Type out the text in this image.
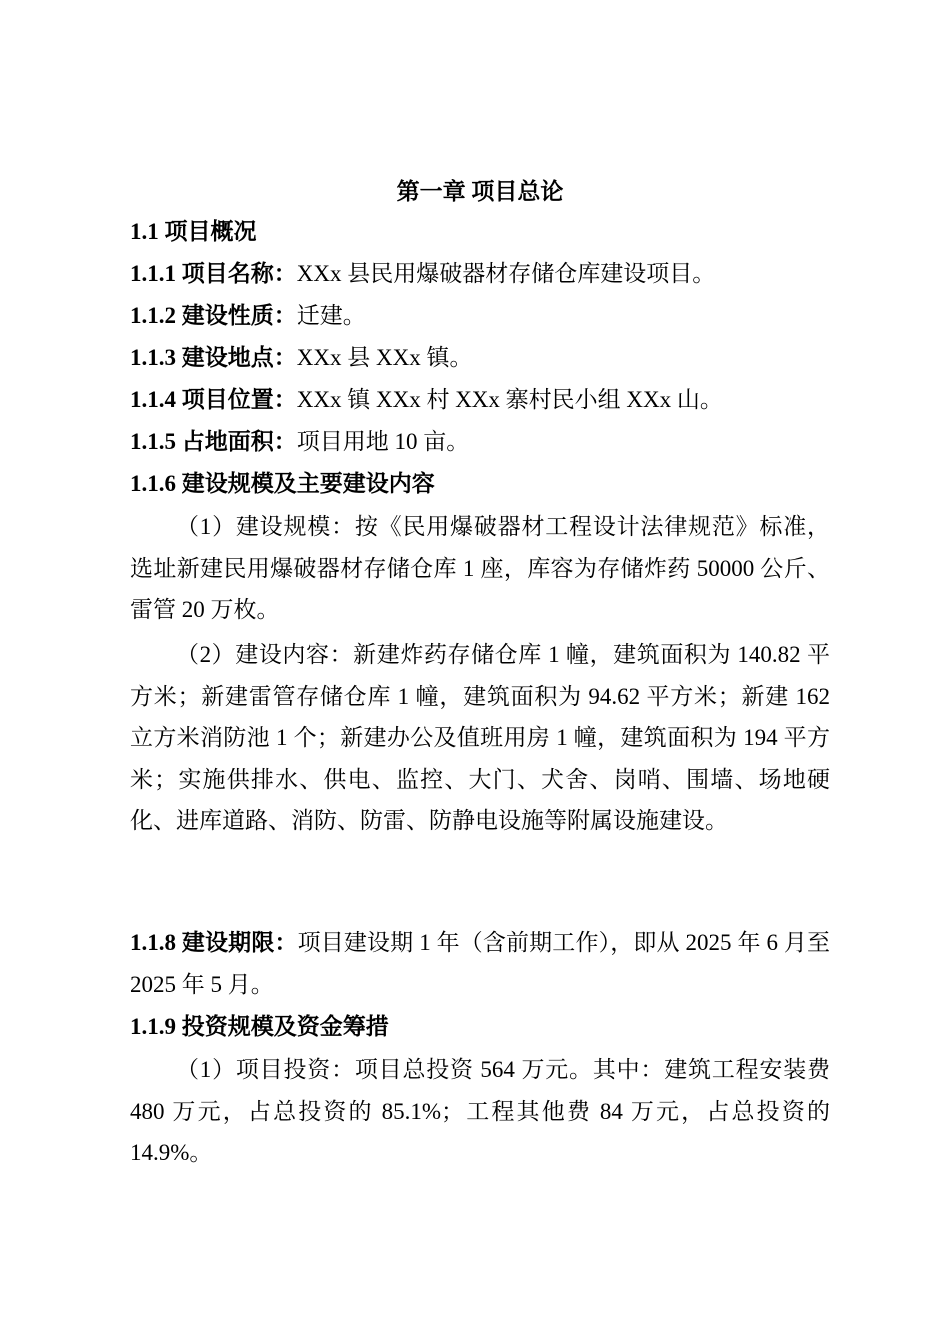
第一章 项目总论
1.1 项目概况
1.1.1 项目名称：XXx 县民用爆破器材存储仓库建设项目。
1.1.2 建设性质：迁建。
1.1.3 建设地点：XXx 县 XXx 镇。
1.1.4 项目位置：XXx 镇 XXx 村 XXx 寨村民小组 XXx 山。
1.1.5 占地面积：项目用地 10 亩。
1.1.6 建设规模及主要建设内容
（1）建设规模：按《民用爆破器材工程设计法律规范》标准，选址新建民用爆破器材存储仓库 1 座，库容为存储炸药 50000 公斤、雷管 20 万枚。
（2）建设内容：新建炸药存储仓库 1 幢，建筑面积为 140.82 平方米；新建雷管存储仓库 1 幢，建筑面积为 94.62 平方米；新建 162 立方米消防池 1 个；新建办公及值班用房 1 幢，建筑面积为 194 平方米；实施供排水、供电、监控、大门、犬舍、岗哨、围墙、场地硬化、进库道路、消防、防雷、防静电设施等附属设施建设。
1.1.8 建设期限：项目建设期 1 年（含前期工作），即从 2025 年 6 月至 2025 年 5 月。
1.1.9 投资规模及资金筹措
（1）项目投资：项目总投资 564 万元。其中：建筑工程安装费 480 万元，占总投资的 85.1%；工程其他费 84 万元，占总投资的 14.9%。
